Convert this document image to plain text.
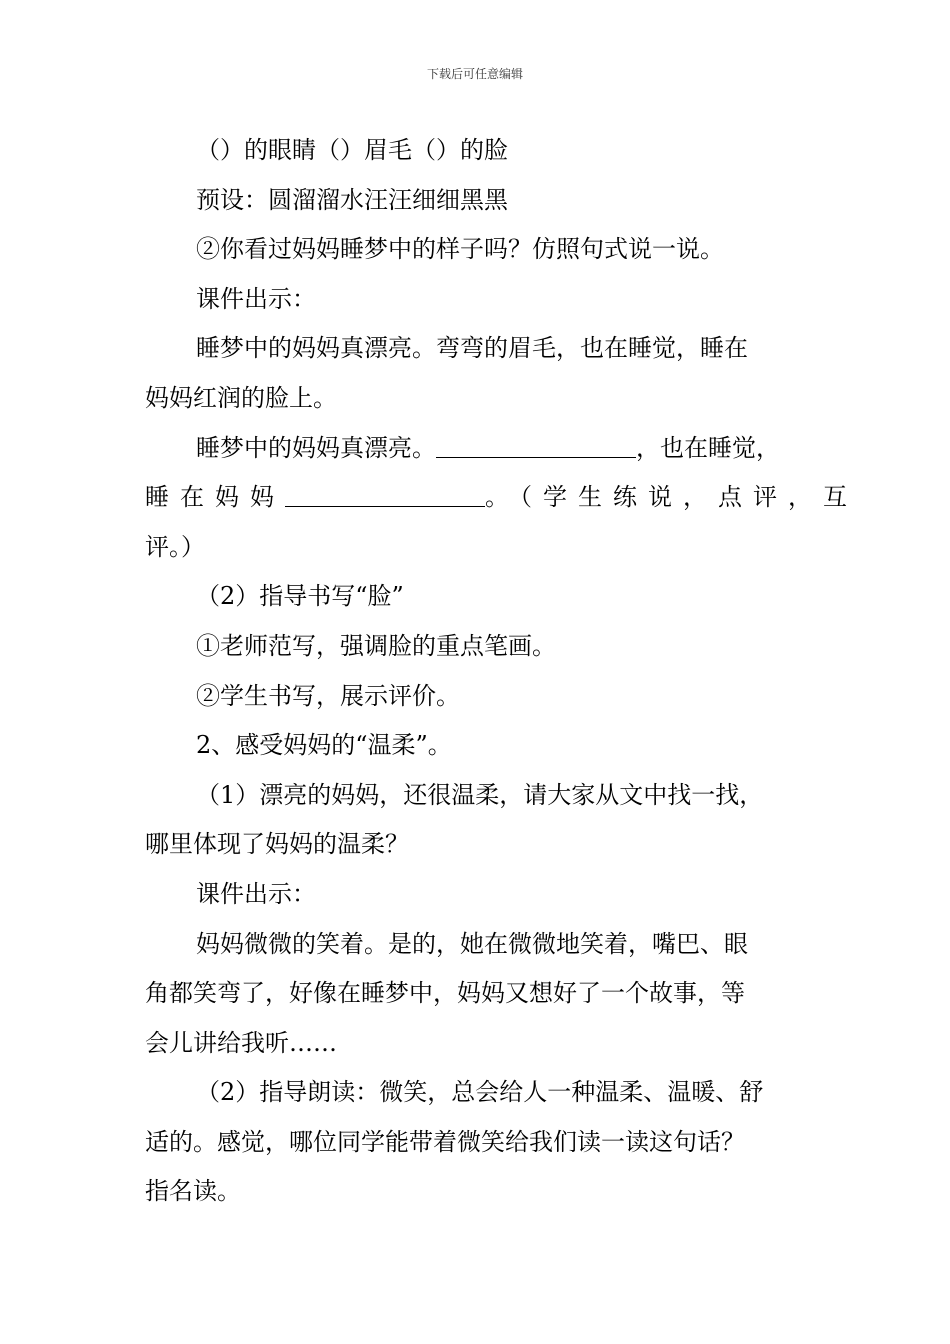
下载后可任意编辑

（）的眼睛（）眉毛（）的脸

预设：圆溜溜水汪汪细细黑黑

②你看过妈妈睡梦中的样子吗？仿照句式说一说。

课件出示：

睡梦中的妈妈真漂亮。弯弯的眉毛，也在睡觉，睡在

妈妈红润的脸上。

睡梦中的妈妈真漂亮。	，也在睡觉，

睡在妈妈	。（学生练说，点评，互

评。）

（2）指导书写“脸”

①老师范写，强调脸的重点笔画。

②学生书写，展示评价。

2、感受妈妈的“温柔”。

（1）漂亮的妈妈，还很温柔，请大家从文中找一找，

哪里体现了妈妈的温柔？

课件出示：

妈妈微微的笑着。是的，她在微微地笑着，嘴巴、眼

角都笑弯了，好像在睡梦中，妈妈又想好了一个故事，等

会儿讲给我听……

（2）指导朗读：微笑，总会给人一种温柔、温暖、舒

适的。感觉，哪位同学能带着微笑给我们读一读这句话？

指名读。
